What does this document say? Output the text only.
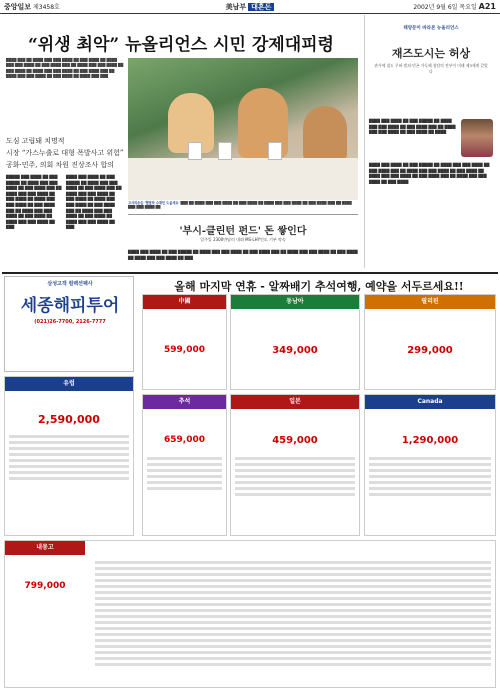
중앙일보 제3458호	美남부 대흔돈	2002년 9월 6일 목요일 A21
“위생 최악” 뉴올리언스 시민 강제대피령
████ ███ ██ ████ ███ ███ ████ ██ ███ ████ ██ ████ ███ ███ ████ ██ ███ ████ ███ ██ ████ ███ ███ ████ ██ ███ ████ ██ ████ ███ ███ ████ ██ ███ ████ ███ ██ ████ ███ ███ ████ ██ ███ ████ ██ ████ ███ ███
고사리손들 '헬열하 수재민 도웁세요' ███ ██ ████ ███ ███ ████ ██ ███ ████ ██ ████ ███ ███ ████ ██ ███ ████ ███ ██ ████ ███ ███ ████ ██
도심 고립돼 치명적
시장 “가스누출로 대형 폭발사고 위험”
공화·민주, 의회 차원 진상조사 합의
█████ ███ ████ ██ ███ █████ ██ ████ ███ ███ ████ ██ ███ ████ ███ ██ ████ ███ ███ ████ ██ ███ ████ ██ ████ ███ ███ ████ ██ ███ ████ ███ ██ ████ ███ ███ ████ ██ ███ ████ ██ ████ ███ ███ ████ ██ ███
████ ███ ████ ██ ███ █████ ██ ████ ███ ███ ████ ██ ███ ████ ███ ██ ████ ███ ███ ████ ██ ███ ████ ██ ████ ███ ███ ████ ██ ███ ████ ███ ██ ████ ███ ███ ████ ██ ███ ████ ██ ████ ███ ███ ████ ██ ███	'부시-클린턴 펀드' 돈 쌓인다
일주일 2300만달러 내외 MS·LHY인도 기부 약속
████ ███ ████ ██ ███ █████ ██ ████ ███ ███ ████ ██ ███ ████ ███ ██ ████ ███ ███ ████ ██ ███ ████ ██ ████ ███ ███ ████ ██ ███
태양문이 바라본 뉴올리언스
재즈도시는 허상
관가에 철도 무허·범죄·빈곤 가득해 참담의 전부이 미래 제3세계 같았다
████ ███ ████ ██ ███ █████ ██ ████ ███ ███ ████ ██ ███ ████ ███ ██ ████ ███ ███ ████ ██ ███ ████ ██ ████
████ ███ ████ ██ ███ █████ ██ ████ ███ ███ ████ ██ ███ ████ ███ ██ ████ ███ ███ ████ ██ ███ ████ ██ ████ ███ ███ ████ ██ ███ ████ ███ ██ ████ ███ ███ ████ ██ ███ ████
삼성고객 컬렉션팩사
세종해피투어
(021)26-7700, 2126-7777
올해 마지막 연휴 - 알짜배기 추석여행, 예약을 서두르세요!!
中國
599,000
유럽
2,590,000
동남아
349,000
필리핀
299,000
일본
459,000
Canada
1,290,000
추석
659,000
내몽고
799,000
